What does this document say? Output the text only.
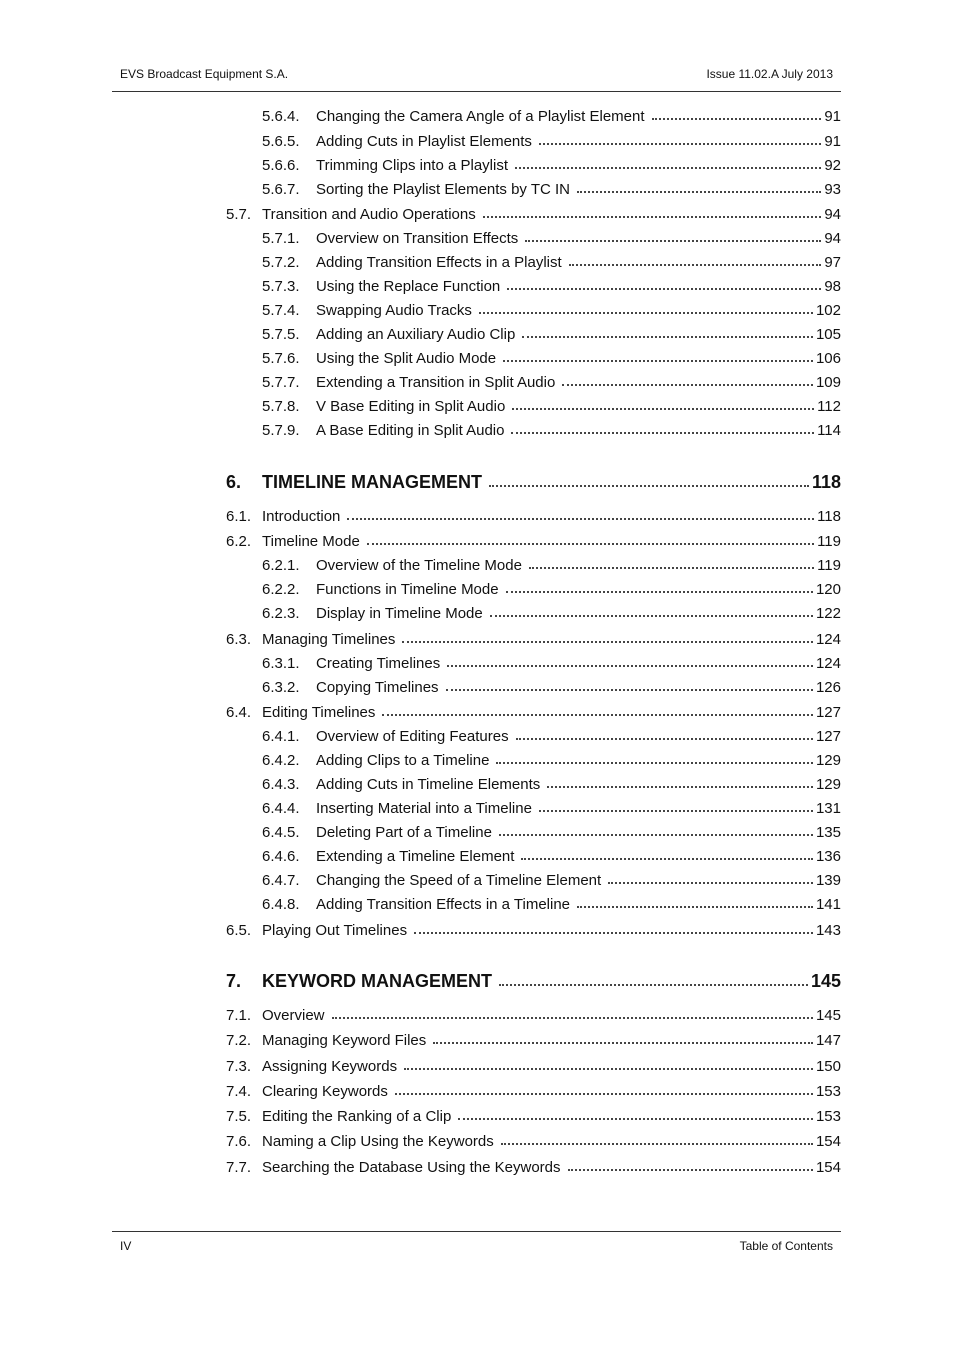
EVS Broadcast Equipment S.A.	Issue 11.02.A July 2013
5.6.4.	Changing the Camera Angle of a Playlist Element	91
5.6.5.	Adding Cuts in Playlist Elements	91
5.6.6.	Trimming Clips into a Playlist	92
5.6.7.	Sorting the Playlist Elements by TC IN	93
5.7. Transition and Audio Operations	94
5.7.1.	Overview on Transition Effects	94
5.7.2.	Adding Transition Effects in a Playlist	97
5.7.3.	Using the Replace Function	98
5.7.4.	Swapping Audio Tracks	102
5.7.5.	Adding an Auxiliary Audio Clip	105
5.7.6.	Using the Split Audio Mode	106
5.7.7.	Extending a Transition in Split Audio	109
5.7.8.	V Base Editing in Split Audio	112
5.7.9.	A Base Editing in Split Audio	114
6.	TIMELINE MANAGEMENT	118
6.1. Introduction	118
6.2. Timeline Mode	119
6.2.1.	Overview of the Timeline Mode	119
6.2.2.	Functions in Timeline Mode	120
6.2.3.	Display in Timeline Mode	122
6.3. Managing Timelines	124
6.3.1.	Creating Timelines	124
6.3.2.	Copying Timelines	126
6.4. Editing Timelines	127
6.4.1.	Overview of Editing Features	127
6.4.2.	Adding Clips to a Timeline	129
6.4.3.	Adding Cuts in Timeline Elements	129
6.4.4.	Inserting Material into a Timeline	131
6.4.5.	Deleting Part of a Timeline	135
6.4.6.	Extending a Timeline Element	136
6.4.7.	Changing the Speed of a Timeline Element	139
6.4.8.	Adding Transition Effects in a Timeline	141
6.5. Playing Out Timelines	143
7.	KEYWORD MANAGEMENT	145
7.1. Overview	145
7.2. Managing Keyword Files	147
7.3. Assigning Keywords	150
7.4. Clearing Keywords	153
7.5. Editing the Ranking of a Clip	153
7.6. Naming a Clip Using the Keywords	154
7.7. Searching the Database Using the Keywords	154
IV	Table of Contents
